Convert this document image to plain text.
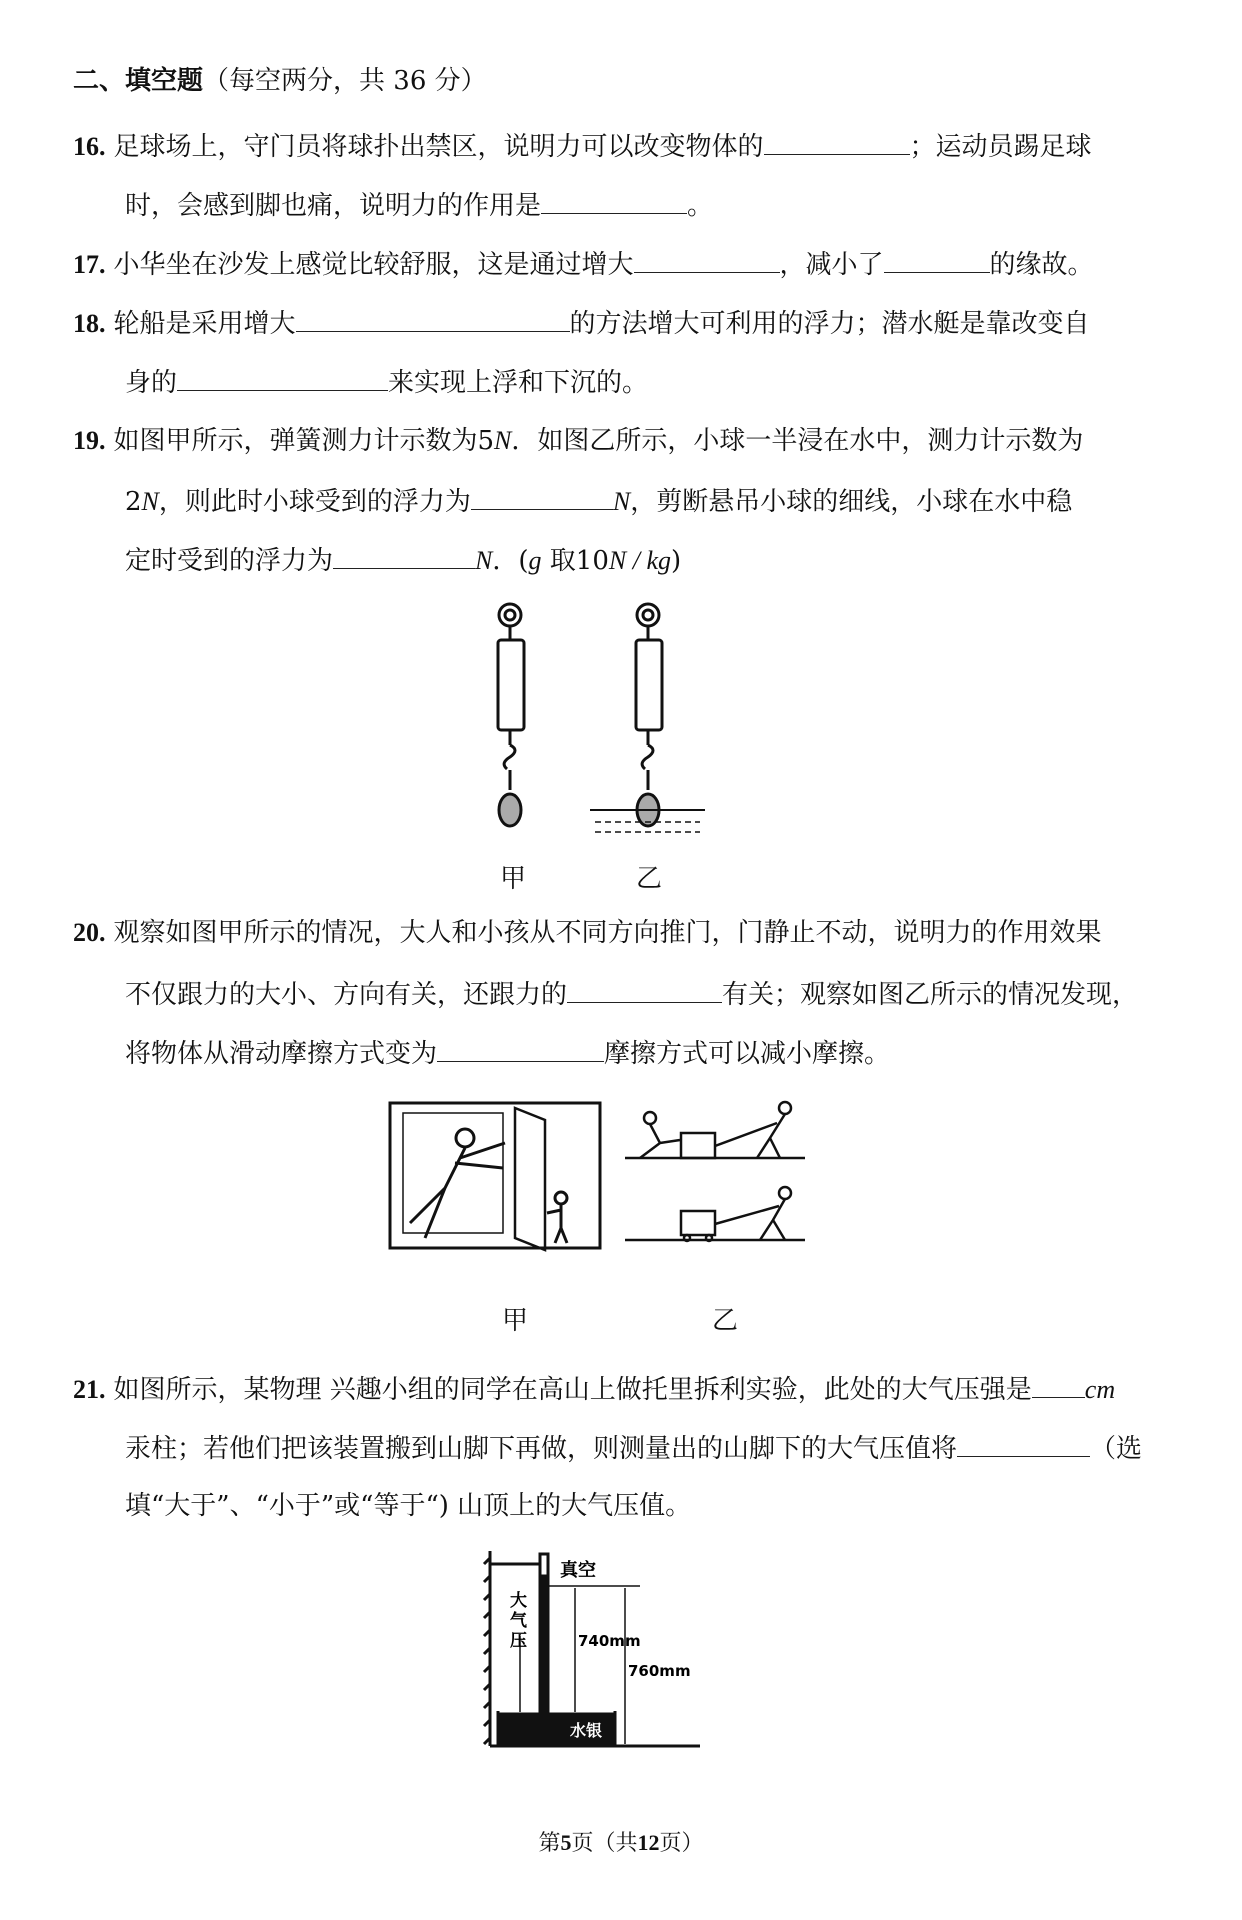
二、填空题（每空两分，共 36 分）
16. 足球场上，守门员将球扑出禁区，说明力可以改变物体的	；运动员踢足球
时，会感到脚也痛，说明力的作用是	。
17. 小华坐在沙发上感觉比较舒服，这是通过增大	，减小了	的缘故。
18. 轮船是采用增大	的方法增大可利用的浮力；潜水艇是靠改变自
身的	来实现上浮和下沉的。
19. 如图甲所示，弹簧测力计示数为5N．如图乙所示，小球一半浸在水中，测力计示数为
2N，则此时小球受到的浮力为	N，剪断悬吊小球的细线，小球在水中稳
定时受到的浮力为	N．(g 取10N / kg)
20. 观察如图甲所示的情况，大人和小孩从不同方向推门，门静止不动，说明力的作用效果
不仅跟力的大小、方向有关，还跟力的	有关；观察如图乙所示的情况发现，
将物体从滑动摩擦方式变为	摩擦方式可以减小摩擦。
21. 如图所示，某物理 兴趣小组的同学在高山上做托里拆利实验，此处的大气压强是 cm
汞柱；若他们把该装置搬到山脚下再做，则测量出的山脚下的大气压值将	（选
填“大于”、“小于”或“等于“) 山顶上的大气压值。
甲	乙
甲	乙
真空
大
气
压	740mm
760mm
水银
第5页（共12页）
